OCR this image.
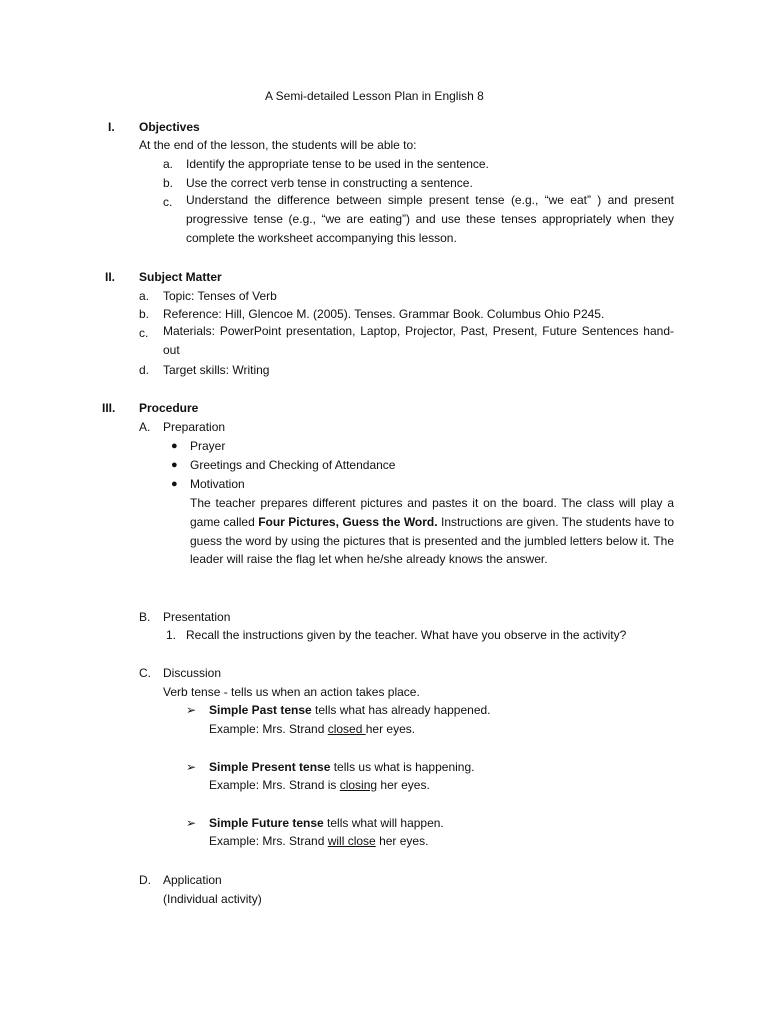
A Semi-detailed Lesson Plan in English 8
I. Objectives
At the end of the lesson, the students will be able to:
a. Identify the appropriate tense to be used in the sentence.
b. Use the correct verb tense in constructing a sentence.
c. Understand the difference between simple present tense (e.g., “we eat” ) and present progressive tense (e.g., “we are eating”) and use these tenses appropriately when they complete the worksheet accompanying this lesson.
II. Subject Matter
a. Topic: Tenses of Verb
b. Reference: Hill, Glencoe M. (2005). Tenses. Grammar Book. Columbus Ohio P245.
c. Materials: PowerPoint presentation, Laptop, Projector, Past, Present, Future Sentences hand-out
d. Target skills: Writing
III. Procedure
A. Preparation
● Prayer
● Greetings and Checking of Attendance
● Motivation
The teacher prepares different pictures and pastes it on the board. The class will play a game called Four Pictures, Guess the Word. Instructions are given. The students have to guess the word by using the pictures that is presented and the jumbled letters below it. The leader will raise the flag let when he/she already knows the answer.
B. Presentation
1. Recall the instructions given by the teacher. What have you observe in the activity?
C. Discussion
Verb tense - tells us when an action takes place.
➢ Simple Past tense tells what has already happened.
Example: Mrs. Strand closed her eyes.
➢ Simple Present tense tells us what is happening.
Example: Mrs. Strand is closing her eyes.
➢ Simple Future tense tells what will happen.
Example: Mrs. Strand will close her eyes.
D. Application
(Individual activity)
